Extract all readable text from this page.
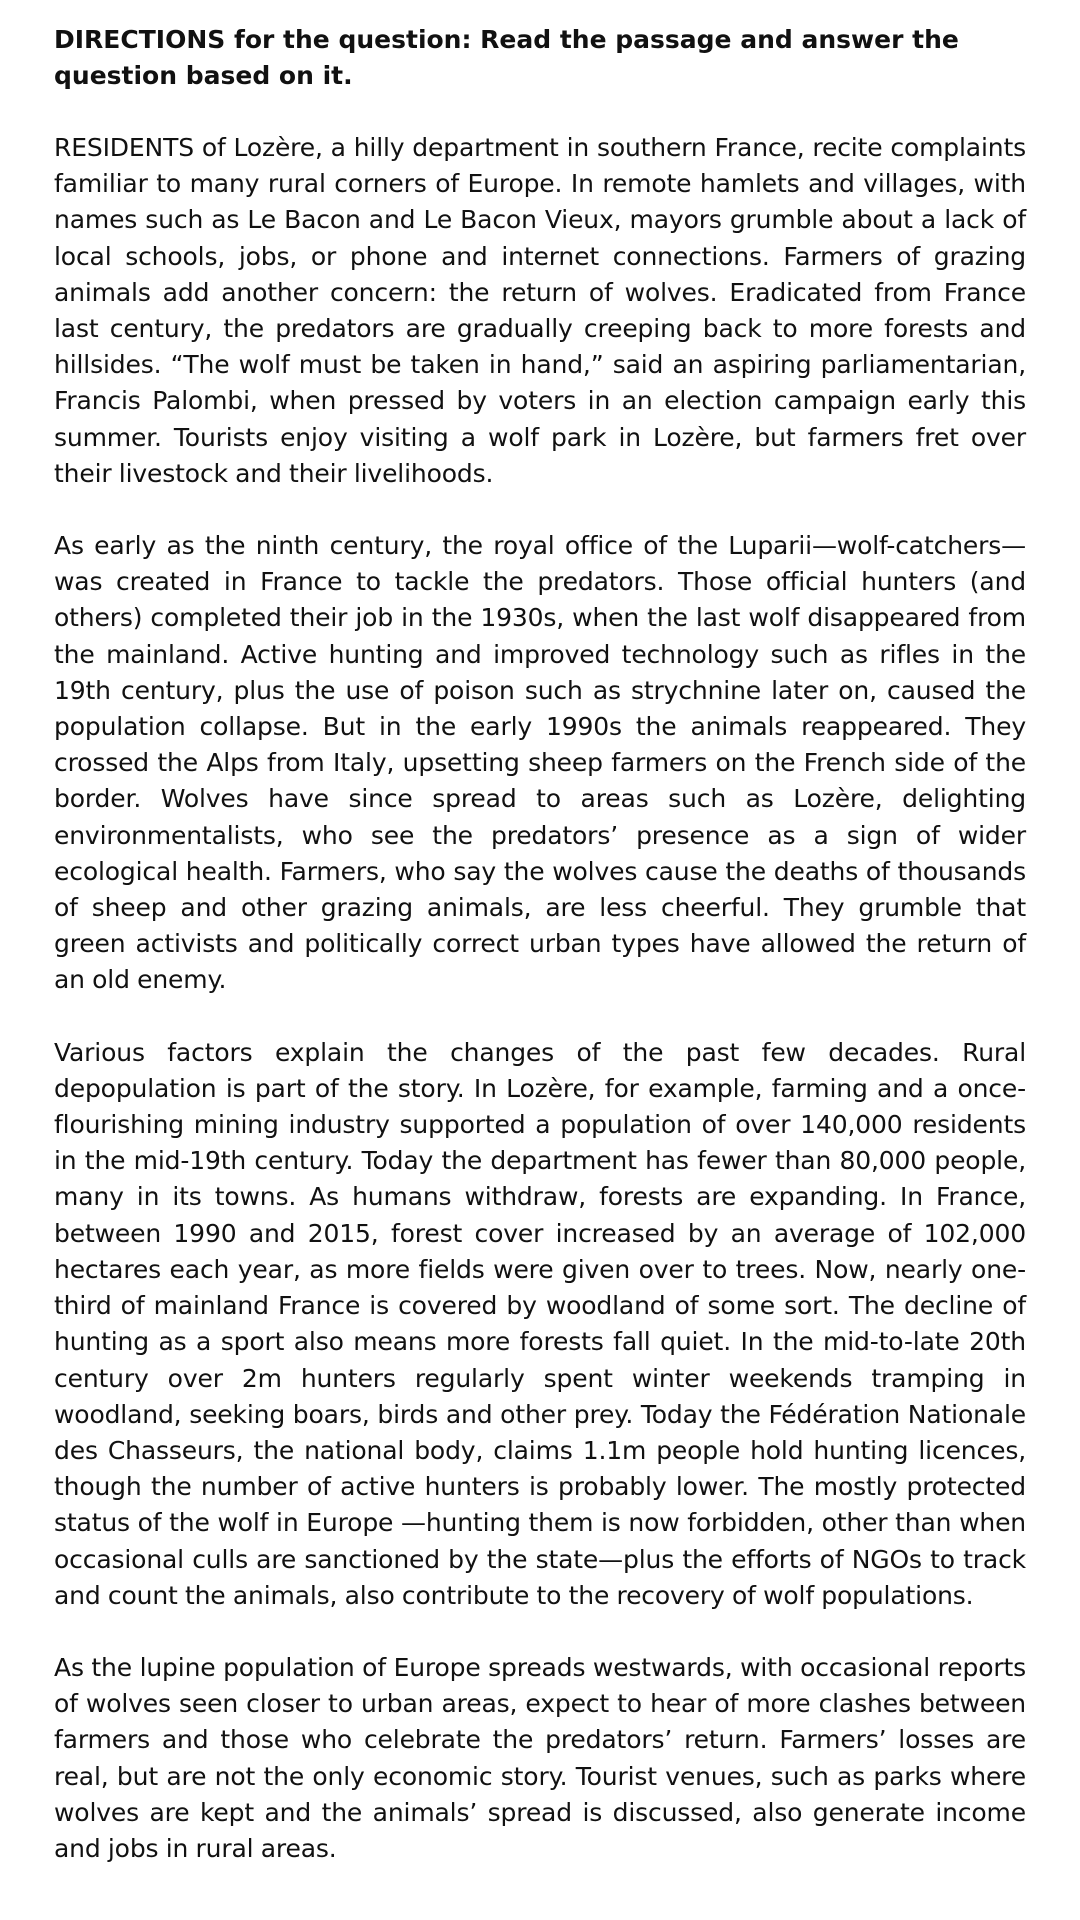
DIRECTIONS for the question: Read the passage and answer the question based on it.

RESIDENTS of Lozère, a hilly department in southern France, recite complaints familiar to many rural corners of Europe. In remote hamlets and villages, with names such as Le Bacon and Le Bacon Vieux, mayors grumble about a lack of local schools, jobs, or phone and internet connections. Farmers of grazing animals add another concern: the return of wolves. Eradicated from France last century, the predators are gradually creeping back to more forests and hillsides. “The wolf must be taken in hand,” said an aspiring parliamentarian, Francis Palombi, when pressed by voters in an election campaign early this summer. Tourists enjoy visiting a wolf park in Lozère, but farmers fret over their livestock and their livelihoods.

As early as the ninth century, the royal office of the Luparii—wolf-catchers—was created in France to tackle the predators. Those official hunters (and others) completed their job in the 1930s, when the last wolf disappeared from the mainland. Active hunting and improved technology such as rifles in the 19th century, plus the use of poison such as strychnine later on, caused the population collapse. But in the early 1990s the animals reappeared. They crossed the Alps from Italy, upsetting sheep farmers on the French side of the border. Wolves have since spread to areas such as Lozère, delighting environmentalists, who see the predators’ presence as a sign of wider ecological health. Farmers, who say the wolves cause the deaths of thousands of sheep and other grazing animals, are less cheerful. They grumble that green activists and politically correct urban types have allowed the return of an old enemy.

Various factors explain the changes of the past few decades. Rural depopulation is part of the story. In Lozère, for example, farming and a once-flourishing mining industry supported a population of over 140,000 residents in the mid-19th century. Today the department has fewer than 80,000 people, many in its towns. As humans withdraw, forests are expanding. In France, between 1990 and 2015, forest cover increased by an average of 102,000 hectares each year, as more fields were given over to trees. Now, nearly one-third of mainland France is covered by woodland of some sort. The decline of hunting as a sport also means more forests fall quiet. In the mid-to-late 20th century over 2m hunters regularly spent winter weekends tramping in woodland, seeking boars, birds and other prey. Today the Fédération Nationale des Chasseurs, the national body, claims 1.1m people hold hunting licences, though the number of active hunters is probably lower. The mostly protected status of the wolf in Europe —hunting them is now forbidden, other than when occasional culls are sanctioned by the state—plus the efforts of NGOs to track and count the animals, also contribute to the recovery of wolf populations.

As the lupine population of Europe spreads westwards, with occasional reports of wolves seen closer to urban areas, expect to hear of more clashes between farmers and those who celebrate the predators’ return. Farmers’ losses are real, but are not the only economic story. Tourist venues, such as parks where wolves are kept and the animals’ spread is discussed, also generate income and jobs in rural areas.
